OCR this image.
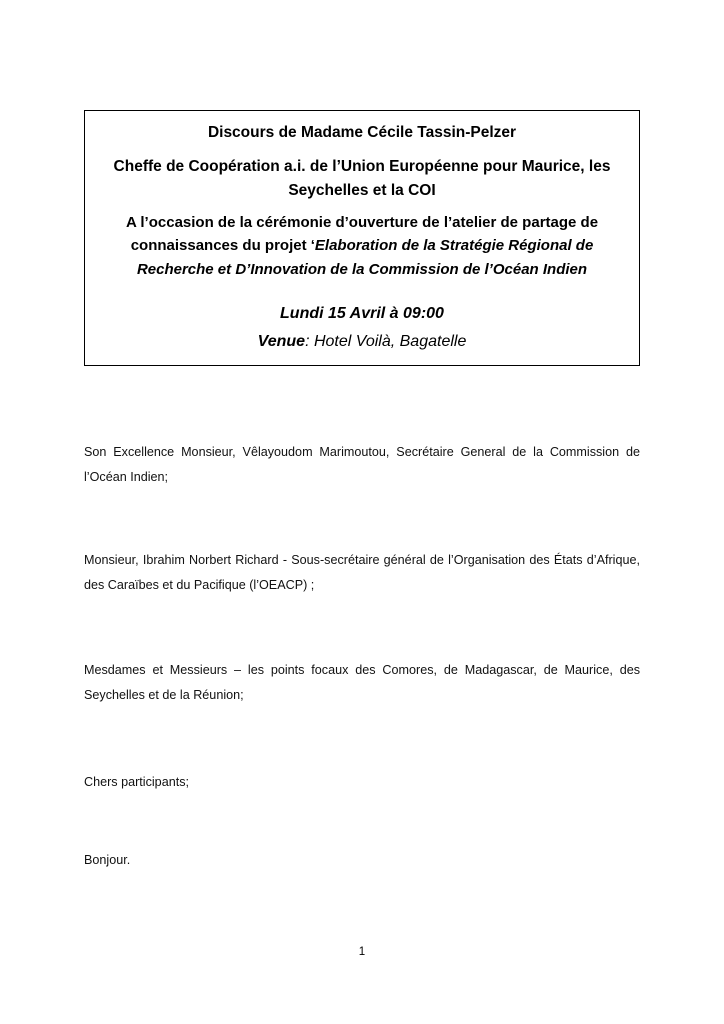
Discours de Madame Cécile Tassin-Pelzer

Cheffe de Coopération a.i. de l’Union Européenne pour Maurice, les Seychelles et la COI

A l’occasion de la cérémonie d’ouverture de l’atelier de partage de connaissances du projet ‘Elaboration de la Stratégie Régional de Recherche et D’Innovation de la Commission de l’Océan Indien

Lundi 15 Avril à 09:00

Venue: Hotel Voilà, Bagatelle

Son Excellence Monsieur, Vêlayoudom Marimoutou, Secrétaire General de la Commission de l’Océan Indien;
Monsieur, Ibrahim Norbert Richard - Sous-secrétaire général de l’Organisation des États d’Afrique, des Caraïbes et du Pacifique (l’OEACP) ;
Mesdames et Messieurs – les points focaux des Comores, de Madagascar, de Maurice, des Seychelles et de la Réunion;
Chers participants;
Bonjour.
1
